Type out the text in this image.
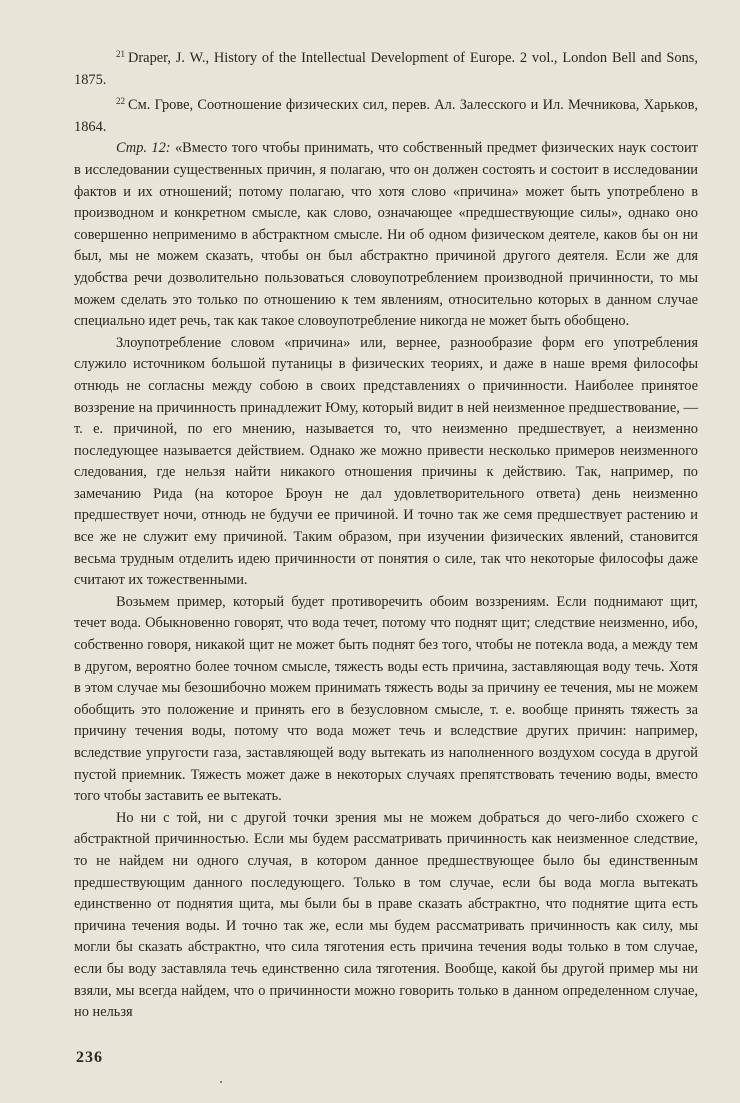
$^{21}$ Draper, J. W., History of the Intellectual Development of Europe. 2 vol., London Bell and Sons, 1875.

$^{22}$ См. Грове, Соотношение физических сил, перев. Ал. Залесского и Ил. Мечникова, Харьков, 1864.

Стр. 12: «Вместо того чтобы принимать, что собственный предмет физических наук состоит в исследовании существенных причин, я полагаю, что он должен состоять и состоит в исследовании фактов и их отношений; потому полагаю, что хотя слово «причина» может быть употреблено в производном и конкретном смысле, как слово, означающее «предшествующие силы», однако оно совершенно неприменимо в абстрактном смысле. Ни об одном физическом деятеле, каков бы он ни был, мы не можем сказать, чтобы он был абстрактно причиной другого деятеля. Если же для удобства речи дозволительно пользоваться словоупотреблением производной причинности, то мы можем сделать это только по отношению к тем явлениям, относительно которых в данном случае специально идет речь, так как такое словоупотребление никогда не может быть обобщено.

Злоупотребление словом «причина» или, вернее, разнообразие форм его употребления служило источником большой путаницы в физических теориях, и даже в наше время философы отнюдь не согласны между собою в своих представлениях о причинности. Наиболее принятое воззрение на причинность принадлежит Юму, который видит в ней неизменное предшествование, — т. е. причиной, по его мнению, называется то, что неизменно предшествует, а неизменно последующее называется действием. Однако же можно привести несколько примеров неизменного следования, где нельзя найти никакого отношения причины к действию. Так, например, по замечанию Рида (на которое Броун не дал удовлетворительного ответа) день неизменно предшествует ночи, отнюдь не будучи ее причиной. И точно так же семя предшествует растению и все же не служит ему причиной. Таким образом, при изучении физических явлений, становится весьма трудным отделить идею причинности от понятия о силе, так что некоторые философы даже считают их тожественными.

Возьмем пример, который будет противоречить обоим воззрениям. Если поднимают щит, течет вода. Обыкновенно говорят, что вода течет, потому что поднят щит; следствие неизменно, ибо, собственно говоря, никакой щит не может быть поднят без того, чтобы не потекла вода, а между тем в другом, вероятно более точном смысле, тяжесть воды есть причина, заставляющая воду течь. Хотя в этом случае мы безошибочно можем принимать тяжесть воды за причину ее течения, мы не можем обобщить это положение и принять его в безусловном смысле, т. е. вообще принять тяжесть за причину течения воды, потому что вода может течь и вследствие других причин: например, вследствие упругости газа, заставляющей воду вытекать из наполненного воздухом сосуда в другой пустой приемник. Тяжесть может даже в некоторых случаях препятствовать течению воды, вместо того чтобы заставить ее вытекать.

Но ни с той, ни с другой точки зрения мы не можем добраться до чего-либо схожего с абстрактной причинностью. Если мы будем рассматривать причинность как неизменное следствие, то не найдем ни одного случая, в котором данное предшествующее было бы единственным предшествующим данного последующего. Только в том случае, если бы вода могла вытекать единственно от поднятия щита, мы были бы в праве сказать абстрактно, что поднятие щита есть причина течения воды. И точно так же, если мы будем рассматривать причинность как силу, мы могли бы сказать абстрактно, что сила тяготения есть причина течения воды только в том случае, если бы воду заставляла течь единственно сила тяготения. Вообще, какой бы другой пример мы ни взяли, мы всегда найдем, что о причинности можно говорить только в данном определенном случае, но нельзя

236
